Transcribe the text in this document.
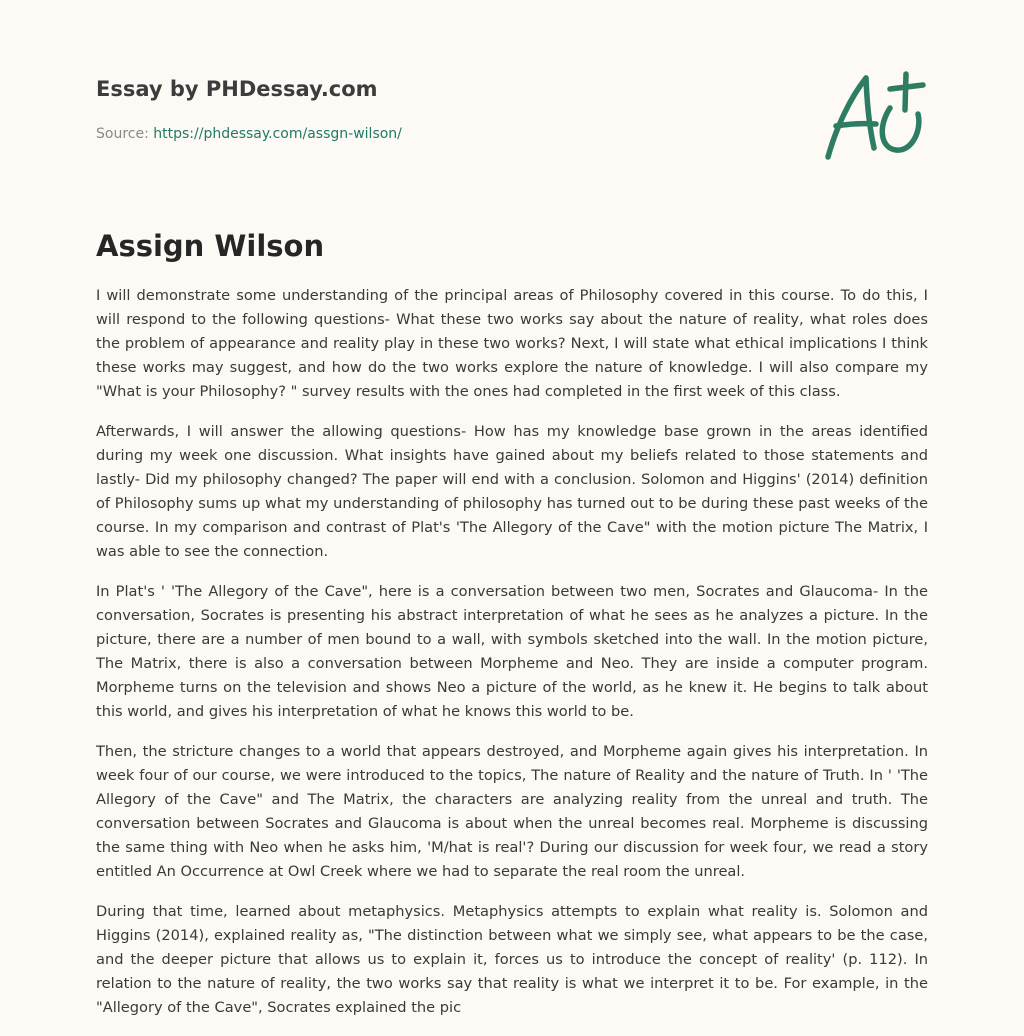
Essay by PHDessay.com
Source: https://phdessay.com/assgn-wilson/
Assign Wilson

I will demonstrate some understanding of the principal areas of Philosophy covered in this course. To do this, I will respond to the following questions- What these two works say about the nature of reality, what roles does the problem of appearance and reality play in these two works? Next, I will state what ethical implications I think these works may suggest, and how do the two works explore the nature of knowledge. I will also compare my "What is your Philosophy? " survey results with the ones had completed in the first week of this class.

Afterwards, I will answer the allowing questions- How has my knowledge base grown in the areas identified during my week one discussion. What insights have gained about my beliefs related to those statements and lastly- Did my philosophy changed? The paper will end with a conclusion. Solomon and Higgins' (2014) definition of Philosophy sums up what my understanding of philosophy has turned out to be during these past weeks of the course. In my comparison and contrast of Plat's 'The Allegory of the Cave" with the motion picture The Matrix, I was able to see the connection.

In Plat's ' 'The Allegory of the Cave", here is a conversation between two men, Socrates and Glaucoma- In the conversation, Socrates is presenting his abstract interpretation of what he sees as he analyzes a picture. In the picture, there are a number of men bound to a wall, with symbols sketched into the wall. In the motion picture, The Matrix, there is also a conversation between Morpheme and Neo. They are inside a computer program. Morpheme turns on the television and shows Neo a picture of the world, as he knew it. He begins to talk about this world, and gives his interpretation of what he knows this world to be.

Then, the stricture changes to a world that appears destroyed, and Morpheme again gives his interpretation. In week four of our course, we were introduced to the topics, The nature of Reality and the nature of Truth. In ' 'The Allegory of the Cave" and The Matrix, the characters are analyzing reality from the unreal and truth. The conversation between Socrates and Glaucoma is about when the unreal becomes real. Morpheme is discussing the same thing with Neo when he asks him, 'M/hat is real'? During our discussion for week four, we read a story entitled An Occurrence at Owl Creek where we had to separate the real room the unreal.

During that time, learned about metaphysics. Metaphysics attempts to explain what reality is. Solomon and Higgins (2014), explained reality as, "The distinction between what we simply see, what appears to be the case, and the deeper picture that allows us to explain it, forces us to introduce the concept of reality' (p. 112). In relation to the nature of reality, the two works say that reality is what we interpret it to be. For example, in the "Allegory of the Cave", Socrates explained the pic
